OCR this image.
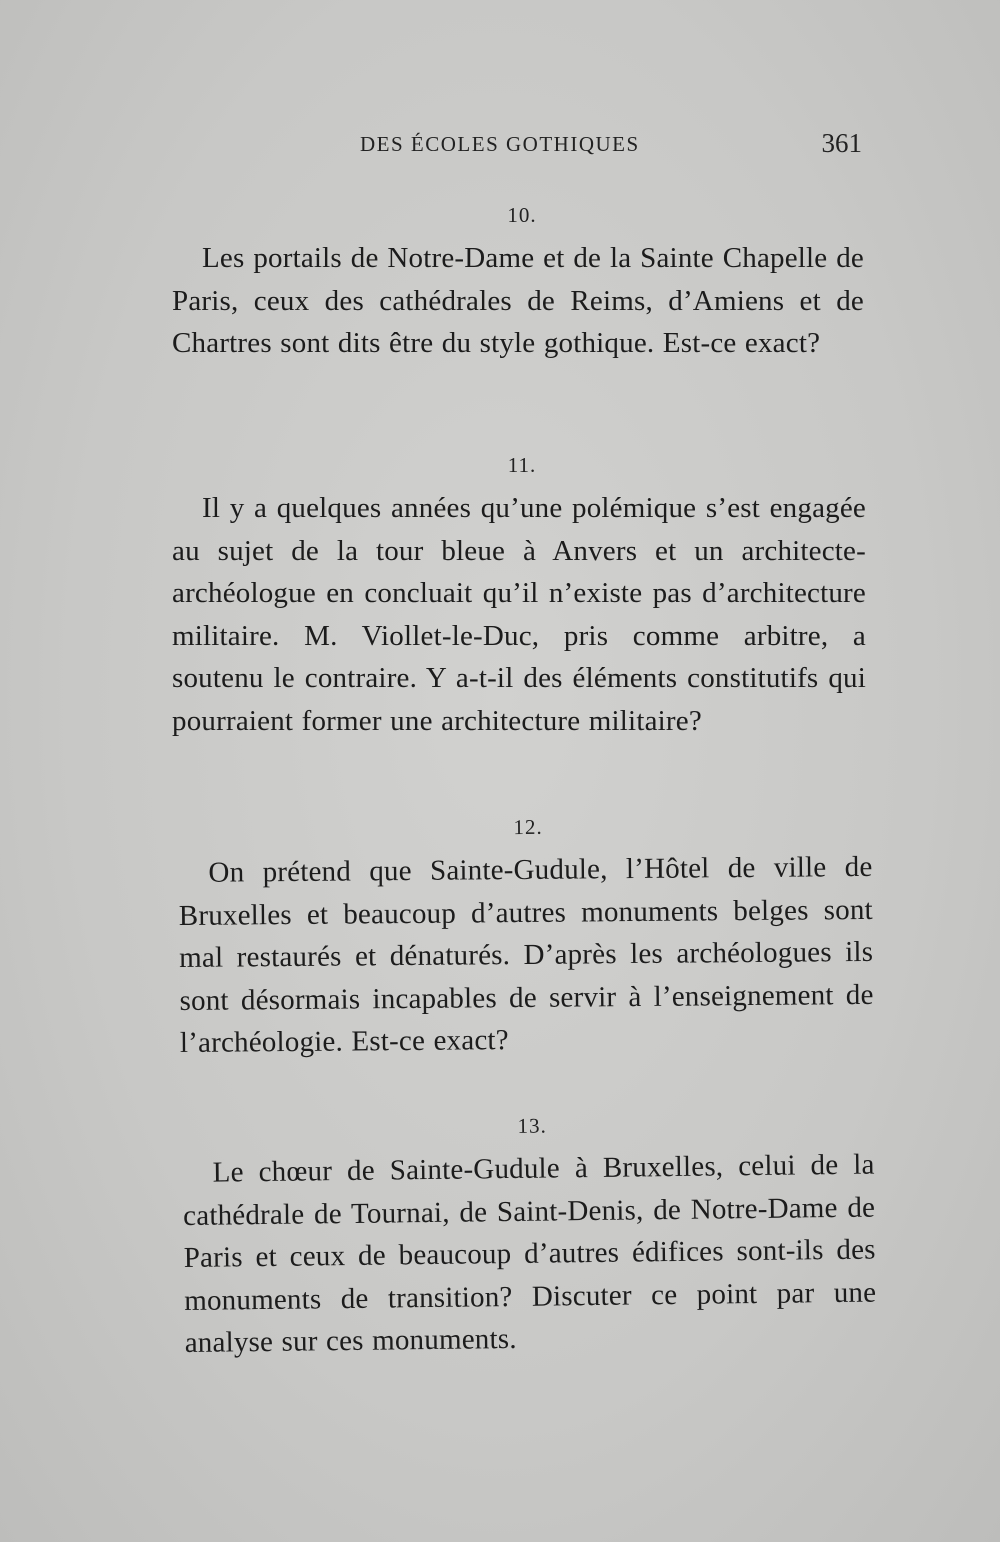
DES ÉCOLES GOTHIQUES	361
10.

Les portails de Notre-Dame et de la Sainte Chapelle de Paris, ceux des cathédrales de Reims, d’Amiens et de Chartres sont dits être du style gothique. Est-ce exact?

11.

Il y a quelques années qu’une polémique s’est engagée au sujet de la tour bleue à Anvers et un architecte-archéologue en concluait qu’il n’existe pas d’architecture militaire. M. Viollet-le-Duc, pris comme arbitre, a soutenu le contraire. Y a-t-il des éléments constitutifs qui pourraient former une architecture militaire?

12.

On prétend que Sainte-Gudule, l’Hôtel de ville de Bruxelles et beaucoup d’autres monuments belges sont mal restaurés et dénaturés. D’après les archéologues ils sont désormais incapables de servir à l’enseignement de l’archéologie. Est-ce exact?

13.

Le chœur de Sainte-Gudule à Bruxelles, celui de la cathédrale de Tournai, de Saint-Denis, de Notre-Dame de Paris et ceux de beaucoup d’autres édifices sont-ils des monuments de transition? Discuter ce point par une analyse sur ces monuments.
